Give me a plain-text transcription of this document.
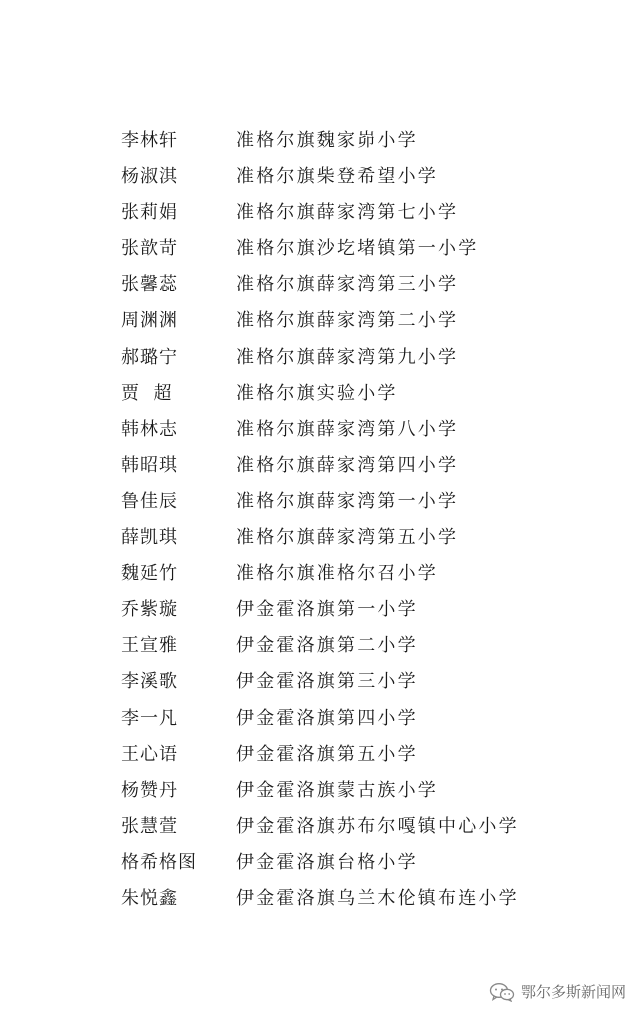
李林轩	准格尔旗魏家峁小学
杨淑淇	准格尔旗柴登希望小学
张莉娟	准格尔旗薛家湾第七小学
张歆苛	准格尔旗沙圪堵镇第一小学
张馨蕊	准格尔旗薛家湾第三小学
周渊渊	准格尔旗薛家湾第二小学
郝璐宁	准格尔旗薛家湾第九小学
贾  超	准格尔旗实验小学
韩林志	准格尔旗薛家湾第八小学
韩昭琪	准格尔旗薛家湾第四小学
鲁佳辰	准格尔旗薛家湾第一小学
薛凯琪	准格尔旗薛家湾第五小学
魏延竹	准格尔旗准格尔召小学
乔紫璇	伊金霍洛旗第一小学
王宣雅	伊金霍洛旗第二小学
李溪歌	伊金霍洛旗第三小学
李一凡	伊金霍洛旗第四小学
王心语	伊金霍洛旗第五小学
杨赞丹	伊金霍洛旗蒙古族小学
张慧萱	伊金霍洛旗苏布尔嘎镇中心小学
格希格图 伊金霍洛旗台格小学
朱悦鑫	伊金霍洛旗乌兰木伦镇布连小学
鄂尔多斯新闻网
